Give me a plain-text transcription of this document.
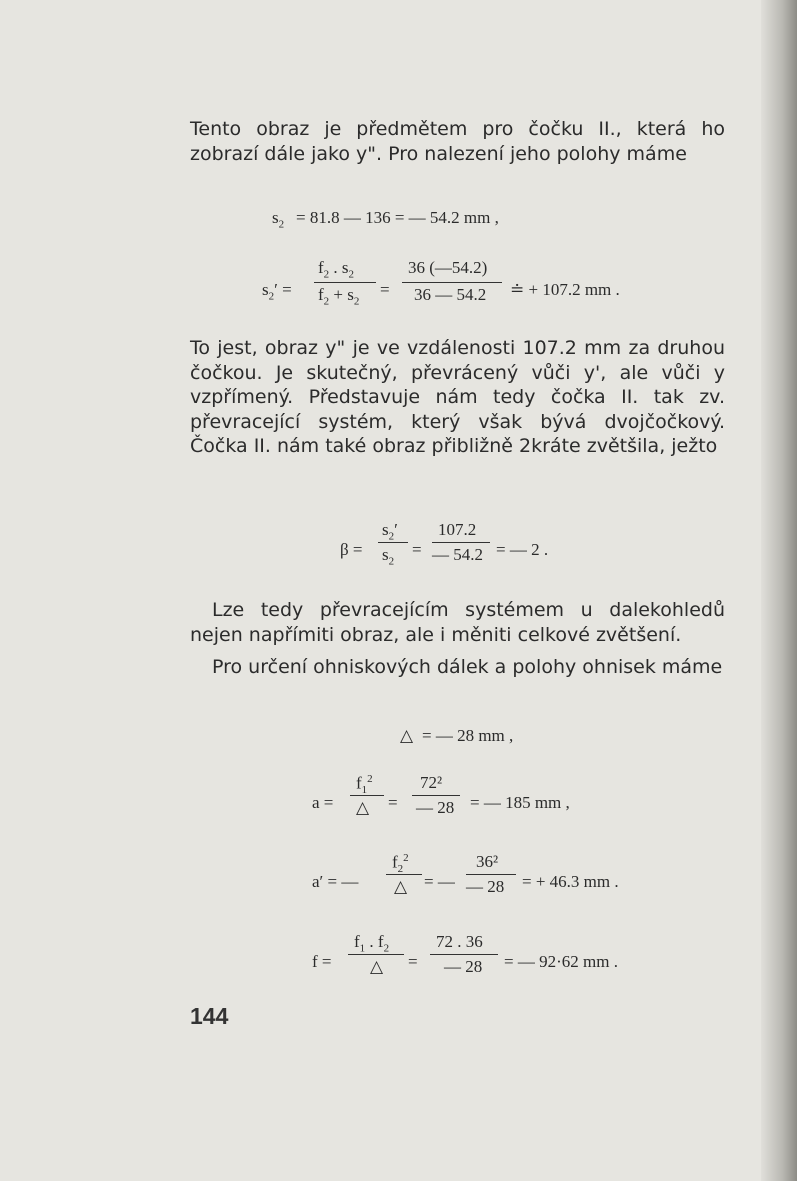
Tento obraz je předmětem pro čočku II., která ho zobrazí dále jako y". Pro nalezení jeho polohy máme

$s_2 = 81.8$ — 136 = — 54.2 mm ,
$s_2'$ =
$f_2$ . $s_2$
$f_2 + s_2$
=
36 (—54.2)
36 — 54.2 ≐ + 107.2 mm .

To jest, obraz y" je ve vzdálenosti 107.2 mm za druhou čočkou. Je skutečný, převrácený vůči y', ale vůči y vzpřímený. Představuje nám tedy čočka II. tak zv. převracející systém, který však bývá dvojčočkový. Čočka II. nám také obraz přibližně 2kráte zvětšila, ježto

β =
$s_2'$
$s_2$
=
107.2
— 54.2 = — 2 .

Lze tedy převracejícím systémem u dalekohledů nejen napřímiti obraz, ale i měniti celkové zvětšení.

Pro určení ohniskových dálek a polohy ohnisek máme

△ = — 28 mm ,
a =
$f_1^2$
△ =
72²
— 28 = — 185 mm ,
a′ = —
$f_2^2$
△ = —
36²
— 28 = + 46.3 mm .
f =
$f_1$ . $f_2$
△ =
72 . 36
— 28 = — 92·62 mm .
144
